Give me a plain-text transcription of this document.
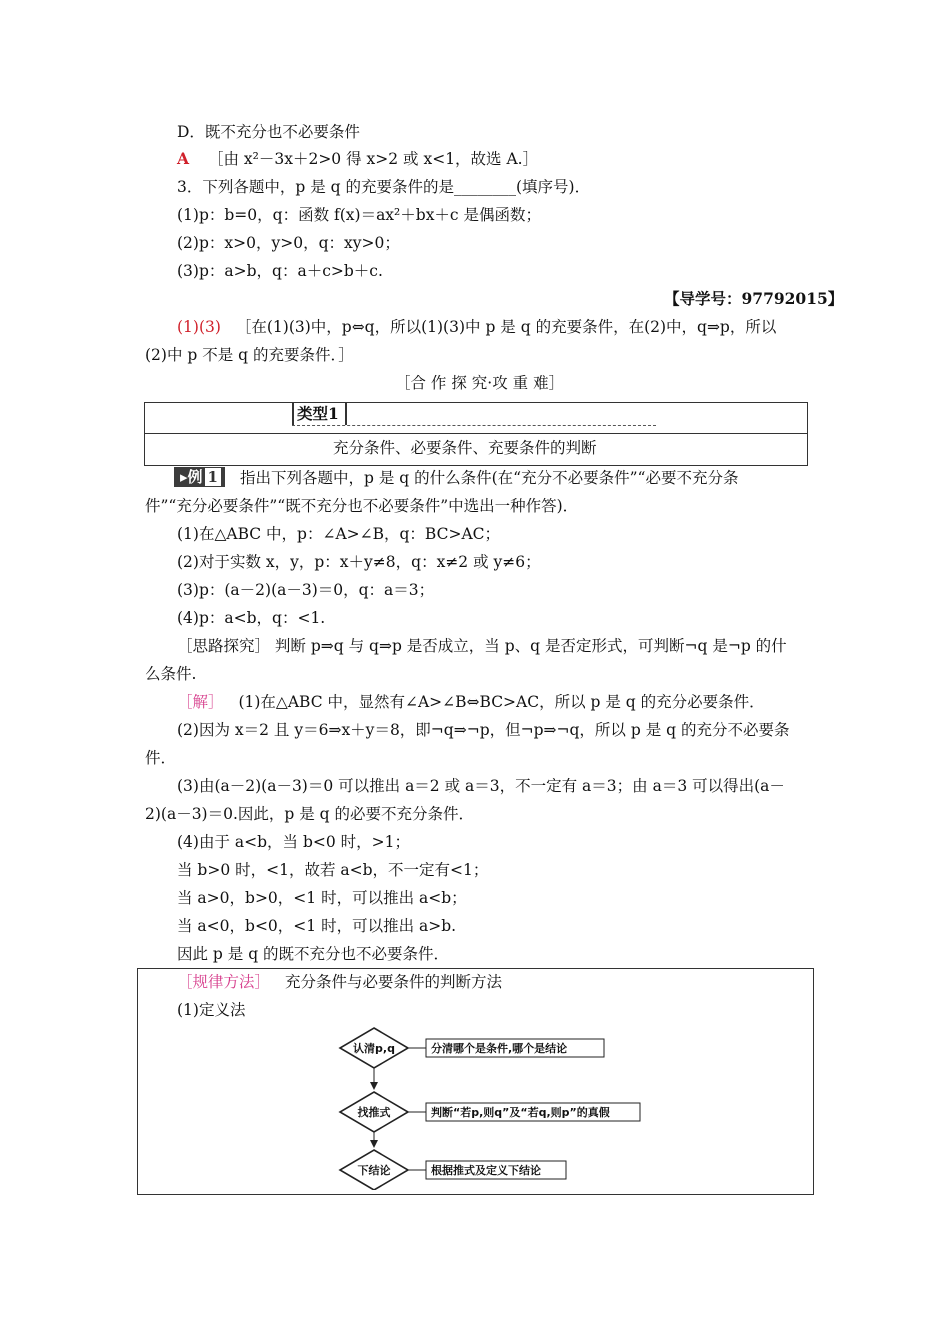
D．既不充分也不必要条件
A ［由 x²－3x＋2>0 得 x>2 或 x<1，故选 A.］
3．下列各题中，p 是 q 的充要条件的是________(填序号)．
(1)p：b=0，q：函数 f(x)＝ax²＋bx＋c 是偶函数；
(2)p：x>0，y>0，q：xy>0；
(3)p：a>b，q：a＋c>b＋c.
【导学号：97792015】
(1)(3) ［在(1)(3)中，p⇔q，所以(1)(3)中 p 是 q 的充要条件，在(2)中，q⇒p，所以
(2)中 p 不是 q 的充要条件．］
［合 作 探 究·攻 重 难］
类型1
充分条件、必要条件、充要条件的判断
▸例 1	指出下列各题中，p 是 q 的什么条件(在“充分不必要条件”“必要不充分条
件”“充分必要条件”“既不充分也不必要条件”中选出一种作答)．
(1)在△ABC 中，p：∠A>∠B，q：BC>AC；
(2)对于实数 x，y，p：x＋y≠8，q：x≠2 或 y≠6；
(3)p：(a－2)(a－3)＝0，q：a＝3；
(4)p：a<b，q：<1.
［思路探究］ 判断 p⇒q 与 q⇒p 是否成立，当 p、q 是否定形式，可判断¬q 是¬p 的什
么条件.
［解］ (1)在△ABC 中，显然有∠A>∠B⇔BC>AC，所以 p 是 q 的充分必要条件．
(2)因为 x＝2 且 y＝6⇒x＋y＝8，即¬q⇒¬p，但¬p⇒¬q，所以 p 是 q 的充分不必要条
件．
(3)由(a－2)(a－3)＝0 可以推出 a＝2 或 a＝3，不一定有 a＝3；由 a＝3 可以得出(a－
2)(a－3)＝0.因此，p 是 q 的必要不充分条件．
(4)由于 a<b，当 b<0 时，>1；
当 b>0 时，<1，故若 a<b，不一定有<1；
当 a>0，b>0，<1 时，可以推出 a<b；
当 a<0，b<0，<1 时，可以推出 a>b.
因此 p 是 q 的既不充分也不必要条件．
［规律方法］ 充分条件与必要条件的判断方法
(1)定义法
认清p,q	分清哪个是条件,哪个是结论
找推式	判断“若p,则q”及“若q,则p”的真假
下结论	根据推式及定义下结论
